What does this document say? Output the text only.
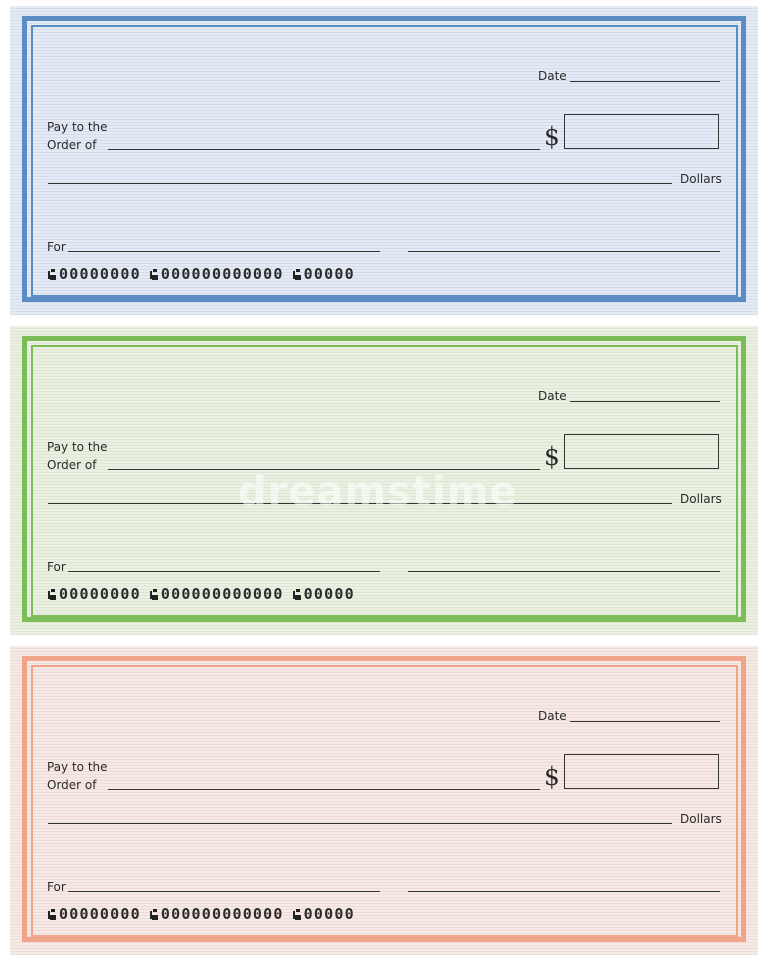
Date
Pay to the
Order of	$
Dollars
For
00000000 000000000000 00000
Date
Pay to the
Order of	$
Dollars
For
00000000 000000000000 00000
dreamstime
Date
Pay to the
Order of	$
Dollars
For
00000000 000000000000 00000
